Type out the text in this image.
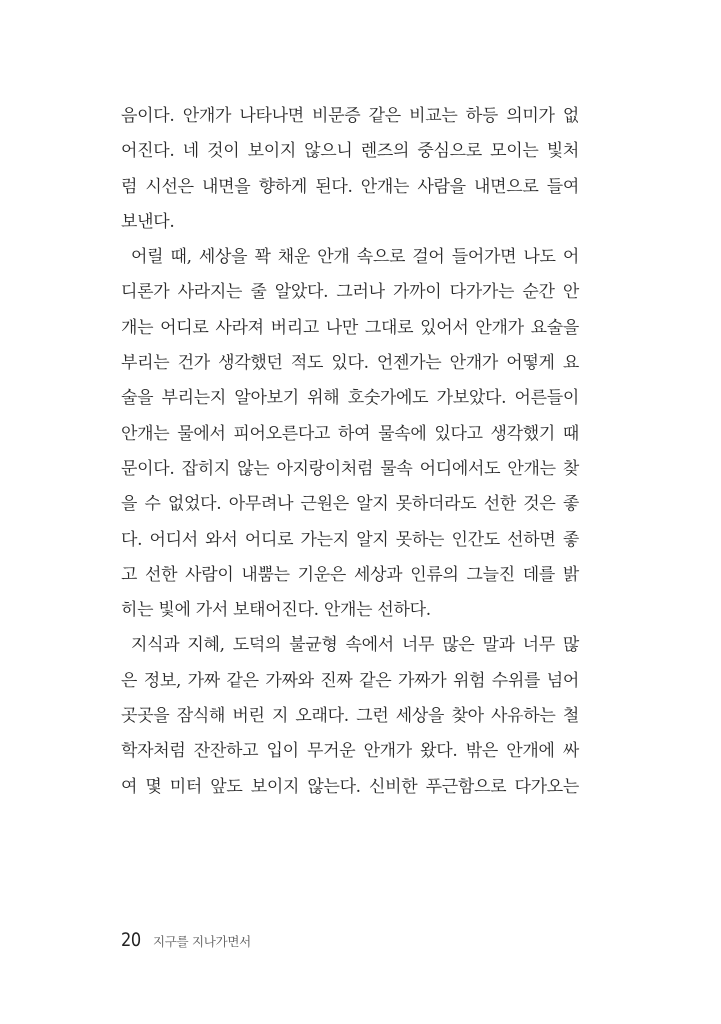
음이다. 안개가 나타나면 비문증 같은 비교는 하등 의미가 없
어진다. 네 것이 보이지 않으니 렌즈의 중심으로 모이는 빛처
럼 시선은 내면을 향하게 된다. 안개는 사람을 내면으로 들여
보낸다.
어릴 때, 세상을 꽉 채운 안개 속으로 걸어 들어가면 나도 어
디론가 사라지는 줄 알았다. 그러나 가까이 다가가는 순간 안
개는 어디로 사라져 버리고 나만 그대로 있어서 안개가 요술을
부리는 건가 생각했던 적도 있다. 언젠가는 안개가 어떻게 요
술을 부리는지 알아보기 위해 호숫가에도 가보았다. 어른들이
안개는 물에서 피어오른다고 하여 물속에 있다고 생각했기 때
문이다. 잡히지 않는 아지랑이처럼 물속 어디에서도 안개는 찾
을 수 없었다. 아무려나 근원은 알지 못하더라도 선한 것은 좋
다. 어디서 와서 어디로 가는지 알지 못하는 인간도 선하면 좋
고 선한 사람이 내뿜는 기운은 세상과 인류의 그늘진 데를 밝
히는 빛에 가서 보태어진다. 안개는 선하다.
지식과 지혜, 도덕의 불균형 속에서 너무 많은 말과 너무 많
은 정보, 가짜 같은 가짜와 진짜 같은 가짜가 위험 수위를 넘어
곳곳을 잠식해 버린 지 오래다. 그런 세상을 찾아 사유하는 철
학자처럼 잔잔하고 입이 무거운 안개가 왔다. 밖은 안개에 싸
여 몇 미터 앞도 보이지 않는다. 신비한 푸근함으로 다가오는
20 지구를 지나가면서
